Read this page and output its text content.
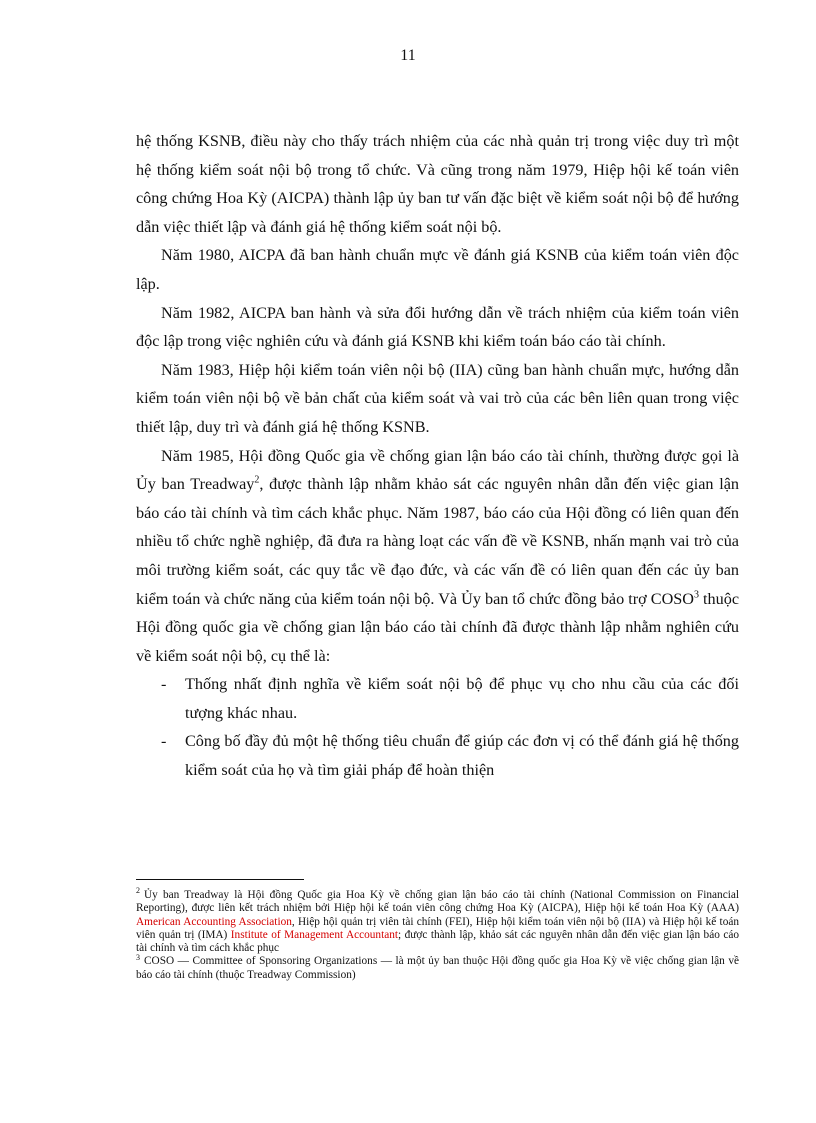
11

hệ thống KSNB, điều này cho thấy trách nhiệm của các nhà quản trị trong việc duy trì một hệ thống kiểm soát nội bộ trong tổ chức. Và cũng trong năm 1979, Hiệp hội kế toán viên công chứng Hoa Kỳ (AICPA) thành lập ủy ban tư vấn đặc biệt về kiểm soát nội bộ để hướng dẫn việc thiết lập và đánh giá hệ thống kiểm soát nội bộ.

Năm 1980, AICPA đã ban hành chuẩn mực về đánh giá KSNB của kiểm toán viên độc lập.

Năm 1982, AICPA ban hành và sửa đổi hướng dẫn về trách nhiệm của kiểm toán viên độc lập trong việc nghiên cứu và đánh giá KSNB khi kiểm toán báo cáo tài chính.

Năm 1983, Hiệp hội kiểm toán viên nội bộ (IIA) cũng ban hành chuẩn mực, hướng dẫn kiểm toán viên nội bộ về bản chất của kiểm soát và vai trò của các bên liên quan trong việc thiết lập, duy trì và đánh giá hệ thống KSNB.

Năm 1985, Hội đồng Quốc gia về chống gian lận báo cáo tài chính, thường được gọi là Ủy ban Treadway$^2$, được thành lập nhằm khảo sát các nguyên nhân dẫn đến việc gian lận báo cáo tài chính và tìm cách khắc phục. Năm 1987, báo cáo của Hội đồng có liên quan đến nhiều tổ chức nghề nghiệp, đã đưa ra hàng loạt các vấn đề về KSNB, nhấn mạnh vai trò của môi trường kiểm soát, các quy tắc về đạo đức, và các vấn đề có liên quan đến các ủy ban kiểm toán và chức năng của kiểm toán nội bộ. Và Ủy ban tổ chức đồng bảo trợ COSO$^3$ thuộc Hội đồng quốc gia về chống gian lận báo cáo tài chính đã được thành lập nhằm nghiên cứu về kiểm soát nội bộ, cụ thể là:

-	Thống nhất định nghĩa về kiểm soát nội bộ để phục vụ cho nhu cầu của các đối tượng khác nhau.

-	Công bố đầy đủ một hệ thống tiêu chuẩn để giúp các đơn vị có thể đánh giá hệ thống kiểm soát của họ và tìm giải pháp để hoàn thiện

$^2$ Ủy ban Treadway là Hội đồng Quốc gia Hoa Kỳ về chống gian lận báo cáo tài chính (National Commission on Financial Reporting), được liên kết trách nhiệm bởi Hiệp hội kế toán viên công chứng Hoa Kỳ (AICPA), Hiệp hội kế toán Hoa Kỳ (AAA) American Accounting Association, Hiệp hội quản trị viên tài chính (FEI), Hiệp hội kiểm toán viên nội bộ (IIA) và Hiệp hội kế toán viên quản trị (IMA) Institute of Management Accountant; được thành lập, khảo sát các nguyên nhân dẫn đến việc gian lận báo cáo tài chính và tìm cách khắc phục

$^3$ COSO — Committee of Sponsoring Organizations — là một ủy ban thuộc Hội đồng quốc gia Hoa Kỳ về việc chống gian lận về báo cáo tài chính (thuộc Treadway Commission)
